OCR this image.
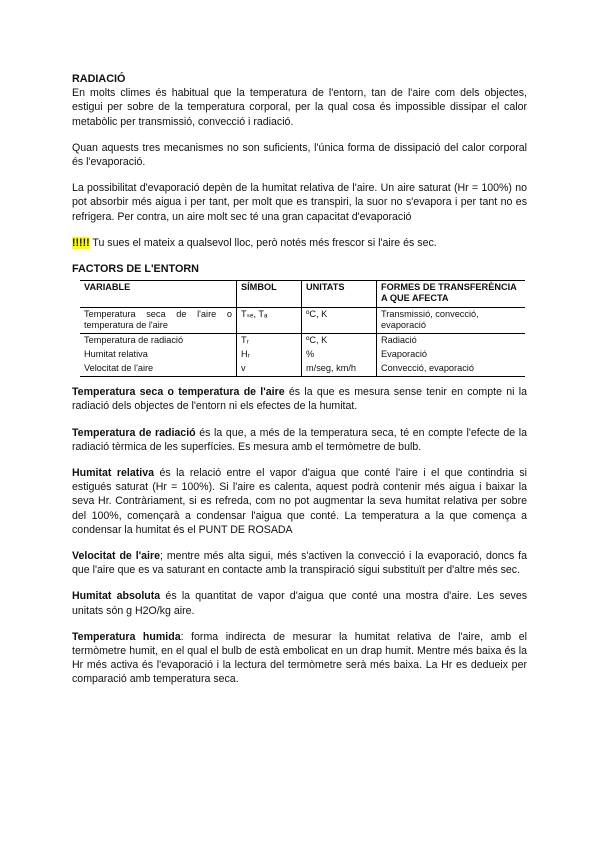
RADIACIÓ

En molts climes és habitual que la temperatura de l'entorn, tan de l'aire com dels objectes, estigui per sobre de la temperatura corporal, per la qual cosa és impossible dissipar el calor metabòlic per transmissió, convecció i radiació.

Quan aquests tres mecanismes no son suficients, l'única forma de dissipació del calor corporal és l'evaporació.

La possibilitat d'evaporació depèn de la humitat relativa de l'aire. Un aire saturat (Hr = 100%) no pot absorbir més aigua i per tant, per molt que es transpiri, la suor no s'evapora i per tant no es refrigera. Per contra, un aire molt sec té una gran capacitat d'evaporació

!!!!! Tu sues el mateix a qualsevol lloc, però notés més frescor si l'aire és sec.

FACTORS DE L'ENTORN
VARIABLE	SÍMBOL	UNITATS	FORMES DE TRANSFERÈNCIA A QUE AFECTA
Temperatura seca de l'aire o temperatura de l'aire	Tₛₑ, Tₐ	ºC, K	Transmissió, convecció, evaporació
Temperatura de radiació	Tᵣ	ºC, K	Radiació
Humitat relativa	Hᵣ	%	Evaporació
Velocitat de l'aire	v	m/seg, km/h	Convecció, evaporació

Temperatura seca o temperatura de l'aire és la que es mesura sense tenir en compte ni la radiació dels objectes de l'entorn ni els efectes de la humitat.

Temperatura de radiació és la que, a més de la temperatura seca, té en compte l'efecte de la radiació tèrmica de les superfícies. Es mesura amb el termòmetre de bulb.

Humitat relativa és la relació entre el vapor d'aigua que conté l'aire i el que contindria si estigués saturat (Hr = 100%). Si l'aire es calenta, aquest podrà contenir més aigua i baixar la seva Hr. Contràriament, si es refreda, com no pot augmentar la seva humitat relativa per sobre del 100%, començarà a condensar l'aigua que conté. La temperatura a la que comença a condensar la humitat és el PUNT DE ROSADA

Velocitat de l'aire; mentre més alta sigui, més s'activen la convecció i la evaporació, doncs fa que l'aire que es va saturant en contacte amb la transpiració sigui substituït per d'altre més sec.

Humitat absoluta és la quantitat de vapor d'aigua que conté una mostra d'aire. Les seves unitats són g H2O/kg aire.

Temperatura humida: forma indirecta de mesurar la humitat relativa de l'aire, amb el termòmetre humit, en el qual el bulb de està embolicat en un drap humit. Mentre més baixa és la Hr més activa és l'evaporació i la lectura del termòmetre serà més baixa. La Hr es dedueix per comparació amb temperatura seca.
